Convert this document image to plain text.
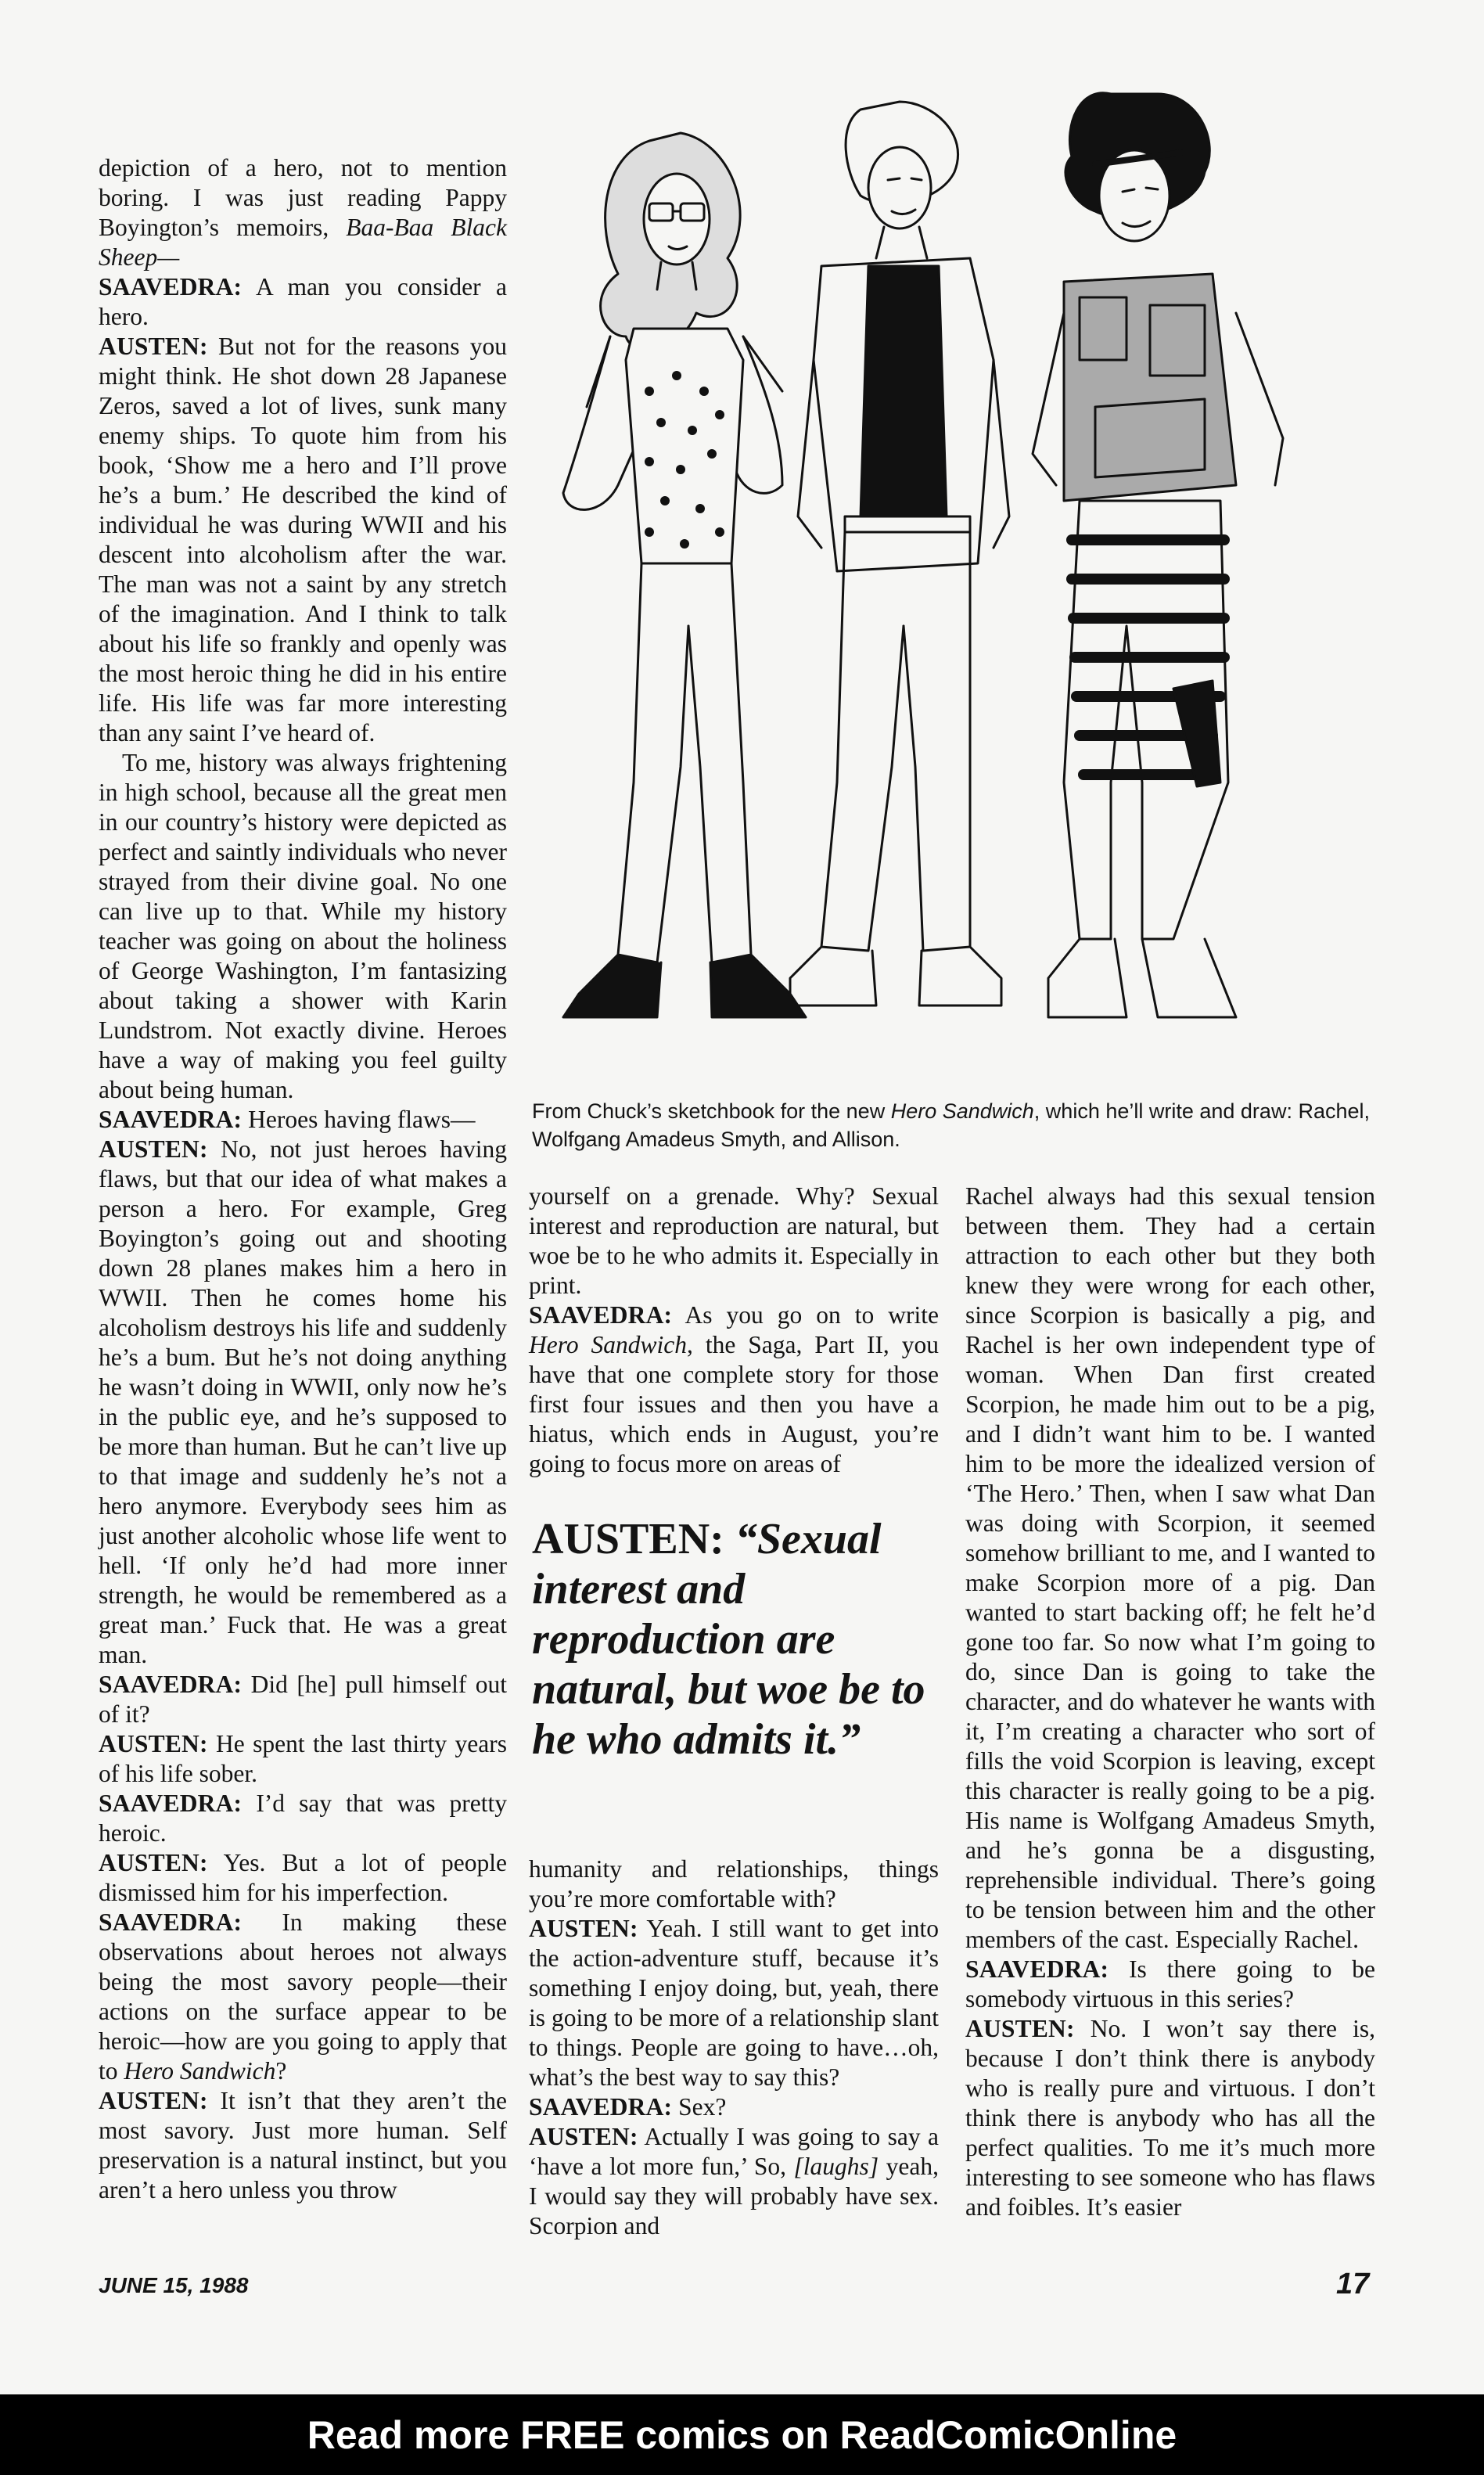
depiction of a hero, not to mention boring. I was just reading Pappy Boyington’s memoirs, Baa-Baa Black Sheep—

SAAVEDRA: A man you consider a hero.

AUSTEN: But not for the reasons you might think. He shot down 28 Japanese Zeros, saved a lot of lives, sunk many enemy ships. To quote him from his book, ‘Show me a hero and I’ll prove he’s a bum.’ He described the kind of individual he was during WWII and his descent into alcoholism after the war. The man was not a saint by any stretch of the imagination. And I think to talk about his life so frankly and openly was the most heroic thing he did in his entire life. His life was far more interesting than any saint I’ve heard of.

To me, history was always frightening in high school, because all the great men in our country’s history were depicted as perfect and saintly individuals who never strayed from their divine goal. No one can live up to that. While my history teacher was going on about the holiness of George Washington, I’m fantasizing about taking a shower with Karin Lundstrom. Not exactly divine. Heroes have a way of making you feel guilty about being human.

SAAVEDRA: Heroes having flaws—

AUSTEN: No, not just heroes having flaws, but that our idea of what makes a person a hero. For example, Greg Boyington’s going out and shooting down 28 planes makes him a hero in WWII. Then he comes home his alcoholism destroys his life and suddenly he’s a bum. But he’s not doing anything he wasn’t doing in WWII, only now he’s in the public eye, and he’s supposed to be more than human. But he can’t live up to that image and suddenly he’s not a hero anymore. Everybody sees him as just another alcoholic whose life went to hell. ‘If only he’d had more inner strength, he would be remembered as a great man.’ Fuck that. He was a great man.

SAAVEDRA: Did [he] pull himself out of it?

AUSTEN: He spent the last thirty years of his life sober.

SAAVEDRA: I’d say that was pretty heroic.

AUSTEN: Yes. But a lot of people dismissed him for his imperfection.

SAAVEDRA: In making these observations about heroes not always being the most savory people—their actions on the surface appear to be heroic—how are you going to apply that to Hero Sandwich?

AUSTEN: It isn’t that they aren’t the most savory. Just more human. Self preservation is a natural instinct, but you aren’t a hero unless you throw

From Chuck’s sketchbook for the new Hero Sandwich, which he’ll write and draw: Rachel, Wolfgang Amadeus Smyth, and Allison.

yourself on a grenade. Why? Sexual interest and reproduction are natural, but woe be to he who admits it. Especially in print.

SAAVEDRA: As you go on to write Hero Sandwich, the Saga, Part II, you have that one complete story for those first four issues and then you have a hiatus, which ends in August, you’re going to focus more on areas of

AUSTEN: “Sexual interest and reproduction are natural, but woe be to he who admits it.”

humanity and relationships, things you’re more comfortable with?

AUSTEN: Yeah. I still want to get into the action-adventure stuff, because it’s something I enjoy doing, but, yeah, there is going to be more of a relationship slant to things. People are going to have…oh, what’s the best way to say this?

SAAVEDRA: Sex?

AUSTEN: Actually I was going to say a ‘have a lot more fun,’ So, [laughs] yeah, I would say they will probably have sex. Scorpion and

Rachel always had this sexual tension between them. They had a certain attraction to each other but they both knew they were wrong for each other, since Scorpion is basically a pig, and Rachel is her own independent type of woman. When Dan first created Scorpion, he made him out to be a pig, and I didn’t want him to be. I wanted him to be more the idealized version of ‘The Hero.’ Then, when I saw what Dan was doing with Scorpion, it seemed somehow brilliant to me, and I wanted to make Scorpion more of a pig. Dan wanted to start backing off; he felt he’d gone too far. So now what I’m going to do, since Dan is going to take the character, and do whatever he wants with it, I’m creating a character who sort of fills the void Scorpion is leaving, except this character is really going to be a pig. His name is Wolfgang Amadeus Smyth, and he’s gonna be a disgusting, reprehensible individual. There’s going to be tension between him and the other members of the cast. Especially Rachel.

SAAVEDRA: Is there going to be somebody virtuous in this series?

AUSTEN: No. I won’t say there is, because I don’t think there is anybody who is really pure and virtuous. I don’t think there is anybody who has all the perfect qualities. To me it’s much more interesting to see someone who has flaws and foibles. It’s easier

JUNE 15, 1988	17
Read more FREE comics on ReadComicOnline
